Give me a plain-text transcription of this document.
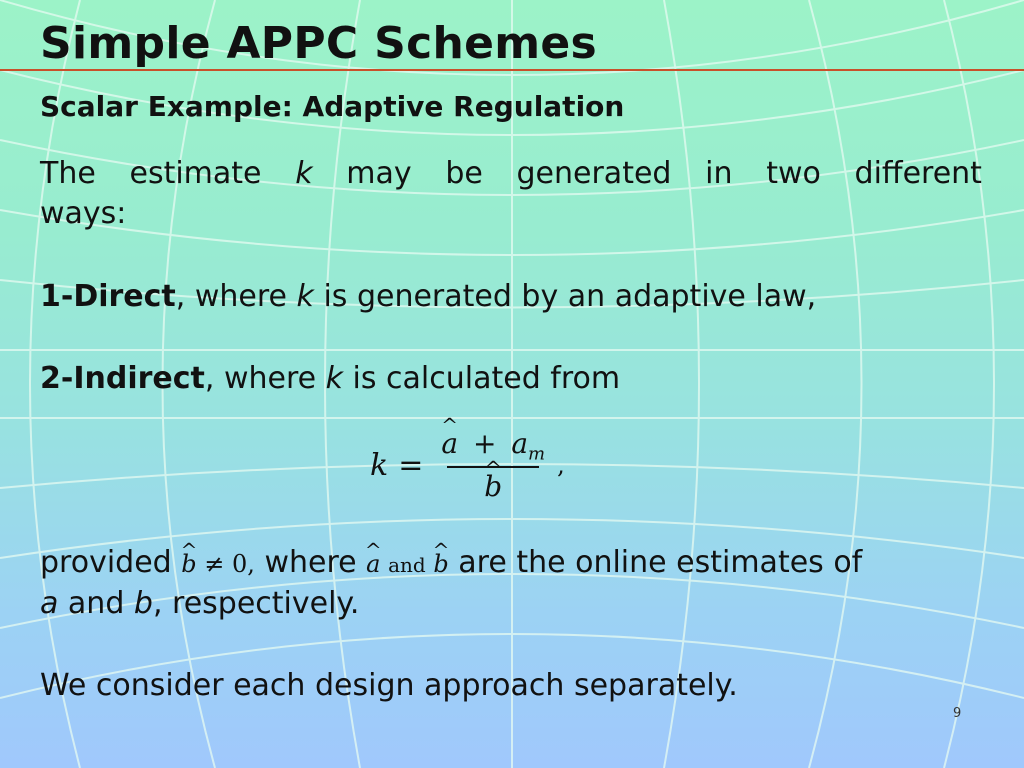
Simple APPC Schemes
Scalar Example: Adaptive Regulation
The estimate k may be generated in two different
ways:
1-Direct, where k is generated by an adaptive law,
2-Indirect, where k is calculated from
k = ^ $a + a_m$
^ b ,
provided ^ b ≠ 0, where ^ a and ^ b are the online estimates of
a and b, respectively.
We consider each design approach separately.
9
